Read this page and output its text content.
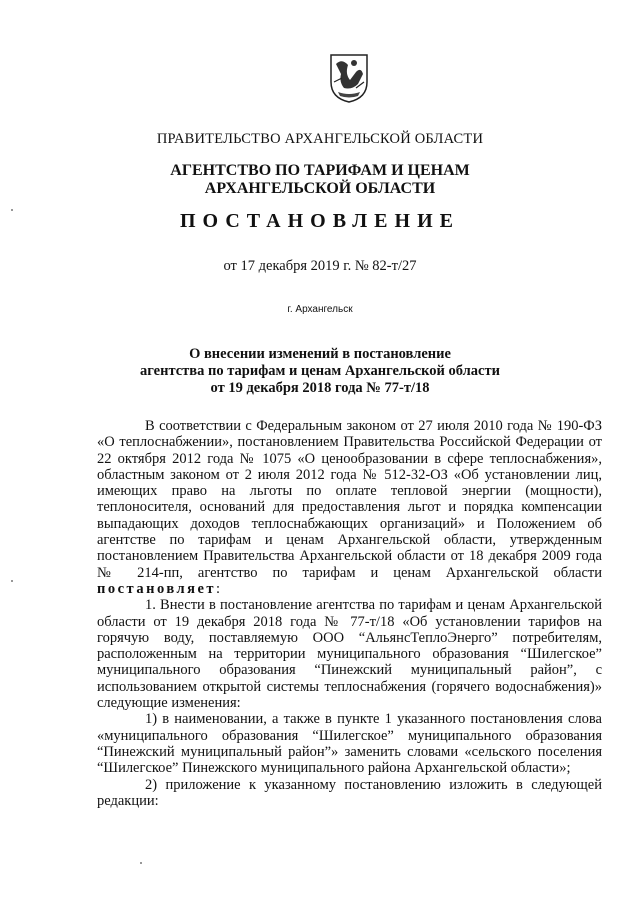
ПРАВИТЕЛЬСТВО АРХАНГЕЛЬСКОЙ ОБЛАСТИ
АГЕНТСТВО ПО ТАРИФАМ И ЦЕНАМ
АРХАНГЕЛЬСКОЙ ОБЛАСТИ
ПОСТАНОВЛЕНИЕ
от 17 декабря 2019 г. № 82-т/27
г. Архангельск
О внесении изменений в постановление
агентства по тарифам и ценам Архангельской области
от 19 декабря 2018 года № 77-т/18

В соответствии с Федеральным законом от 27 июля 2010 года № 190-ФЗ «О теплоснабжении», постановлением Правительства Российской Федерации от 22 октября 2012 года № 1075 «О ценообразовании в сфере теплоснабжения», областным законом от 2 июля 2012 года № 512-32-ОЗ «Об установлении лиц, имеющих право на льготы по оплате тепловой энергии (мощности), теплоносителя, оснований для предоставления льгот и порядка компенсации выпадающих доходов теплоснабжающих организаций» и Положением об агентстве по тарифам и ценам Архангельской области, утвержденным постановлением Правительства Архангельской области от 18 декабря 2009 года № 214-пп, агентство по тарифам и ценам Архангельской области постановляет:

1. Внести в постановление агентства по тарифам и ценам Архангельской области от 19 декабря 2018 года № 77-т/18 «Об установлении тарифов на горячую воду, поставляемую ООО “АльянсТеплоЭнерго” потребителям, расположенным на территории муниципального образования “Шилегское” муниципального образования “Пинежский муниципальный район”, с использованием открытой системы теплоснабжения (горячего водоснабжения)» следующие изменения:

1) в наименовании, а также в пункте 1 указанного постановления слова «муниципального образования “Шилегское” муниципального образования “Пинежский муниципальный район”» заменить словами «сельского поселения “Шилегское” Пинежского муниципального района Архангельской области»;

2) приложение к указанному постановлению изложить в следующей редакции:
